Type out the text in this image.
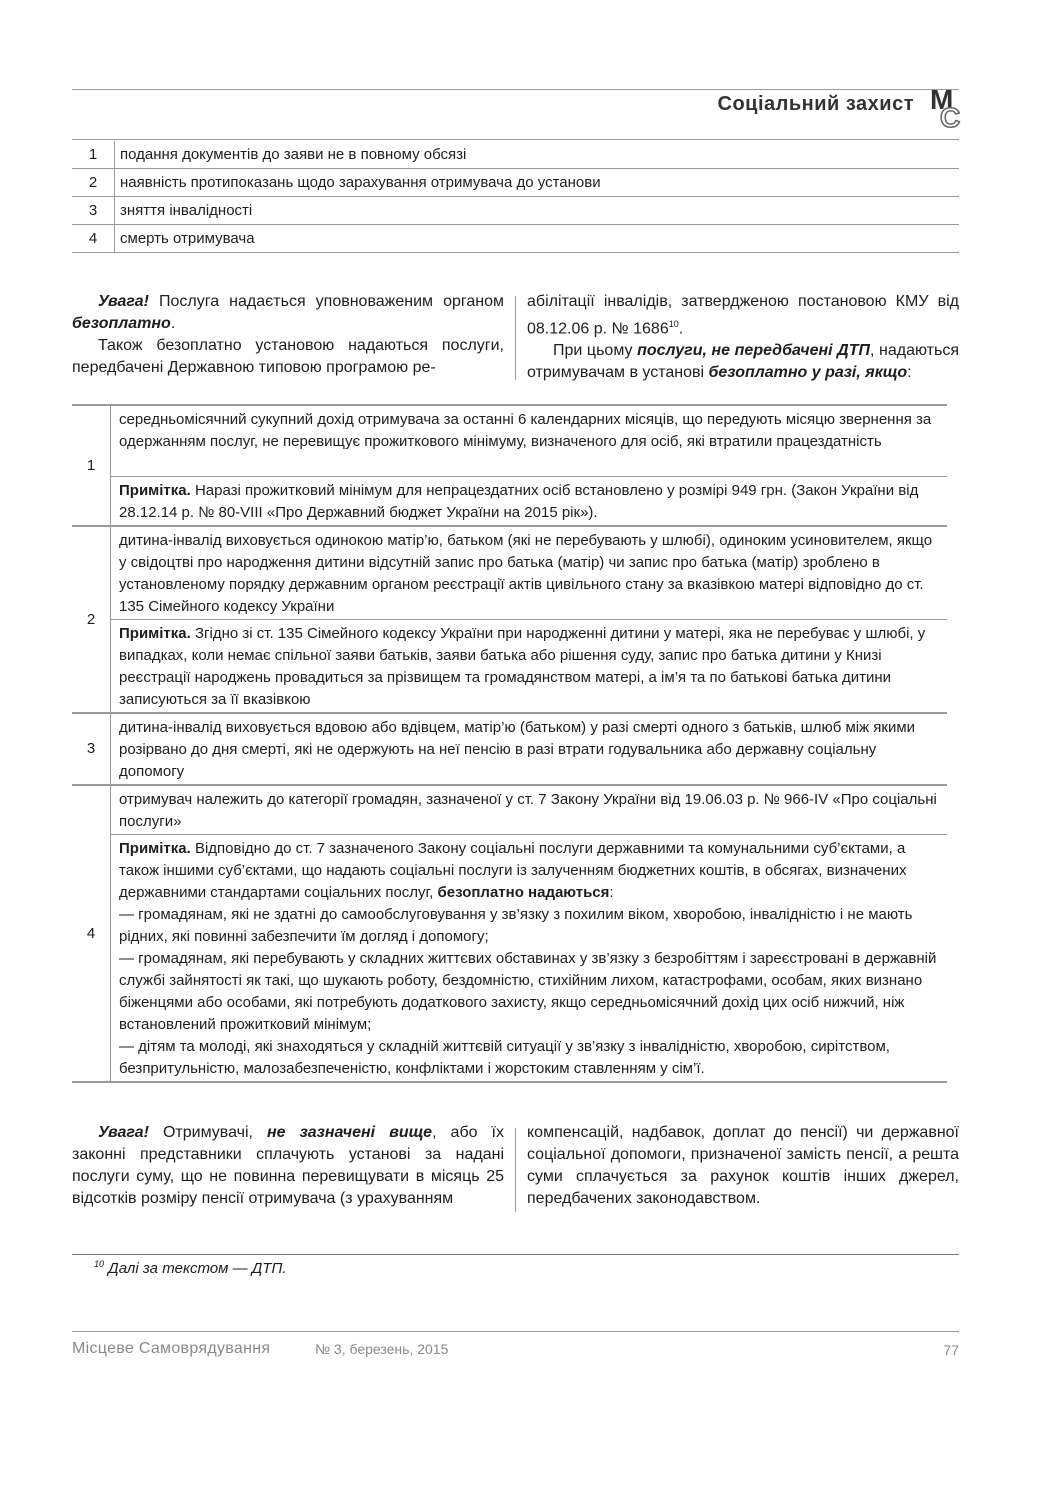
Соціальний захист М
С
1	подання документів до заяви не в повному обсязі
2	наявність протипоказань щодо зарахування отримувача до установи
3	зняття інвалідності
4	смерть отримувача

Увага! Послуга надається уповноваженим органом безоплатно.

Також безоплатно установою надаються послуги, передбачені Державною типовою програмою ре-

абілітації інвалідів, затвердженою постановою КМУ від 08.12.06 р. № 1686$^{10}$.

При цьому послуги, не передбачені ДТП, надаються отримувачам в установі безоплатно у разі, якщо:

1	середньомісячний сукупний дохід отримувача за останні 6 календарних місяців, що передують місяцю звернення за одержанням послуг, не перевищує прожиткового мінімуму, визначеного для осіб, які втратили працездатність
	Примітка. Наразі прожитковий мінімум для непрацездатних осіб встановлено у розмірі 949 грн. (Закон України від 28.12.14 р. № 80-VIII «Про Державний бюджет України на 2015 рік»).
2	дитина-інвалід виховується одинокою матір’ю, батьком (які не перебувають у шлюбі), одиноким усиновителем, якщо у свідоцтві про народження дитини відсутній запис про батька (матір) чи запис про батька (матір) зроблено в установленому порядку державним органом реєстрації актів цивільного стану за вказівкою матері відповідно до ст. 135 Сімейного кодексу України
	Примітка. Згідно зі ст. 135 Сімейного кодексу України при народженні дитини у матері, яка не перебуває у шлюбі, у випадках, коли немає спільної заяви батьків, заяви батька або рішення суду, запис про батька дитини у Книзі реєстрації народжень провадиться за прізвищем та громадянством матері, а ім’я та по батькові батька дитини записуються за її вказівкою
3	дитина-інвалід виховується вдовою або вдівцем, матір’ю (батьком) у разі смерті одного з батьків, шлюб між якими розірвано до дня смерті, які не одержують на неї пенсію в разі втрати годувальника або державну соціальну допомогу
4	отримувач належить до категорії громадян, зазначеної у ст. 7 Закону України від 19.06.03 р. № 966-IV «Про соціальні послуги»

	Примітка. Відповідно до ст. 7 зазначеного Закону соціальні послуги державними та комунальними суб’єктами, а також іншими суб’єктами, що надають соціальні послуги із залученням бюджетних коштів, в обсягах, визначених державними стандартами соціальних послуг, безоплатно надаються:
— громадянам, які не здатні до самообслуговування у зв’язку з похилим віком, хворобою, інвалідністю і не мають рідних, які повинні забезпечити їм догляд і допомогу;
— громадянам, які перебувають у складних життєвих обставинах у зв’язку з безробіттям і зареєстровані в державній службі зайнятості як такі, що шукають роботу, бездомністю, стихійним лихом, катастрофами, особам, яких визнано біженцями або особами, які потребують додаткового захисту, якщо середньомісячний дохід цих осіб нижчий, ніж встановлений прожитковий мінімум;
— дітям та молоді, які знаходяться у складній життєвій ситуації у зв’язку з інвалідністю, хворобою, сирітством, безпритульністю, малозабезпеченістю, конфліктами і жорстоким ставленням у сім’ї.

Увага! Отримувачі, не зазначені вище, або їх законні представники сплачують установі за надані послуги суму, що не повинна перевищувати в місяць 25 відсотків розміру пенсії отримувача (з урахуванням

компенсацій, надбавок, доплат до пенсії) чи державної соціальної допомоги, призначеної замість пенсії, а решта суми сплачується за рахунок коштів інших джерел, передбачених законодавством.

$^{10}$ Далі за текстом — ДТП.
Місцеве Самоврядування	№ 3, березень, 2015	77
